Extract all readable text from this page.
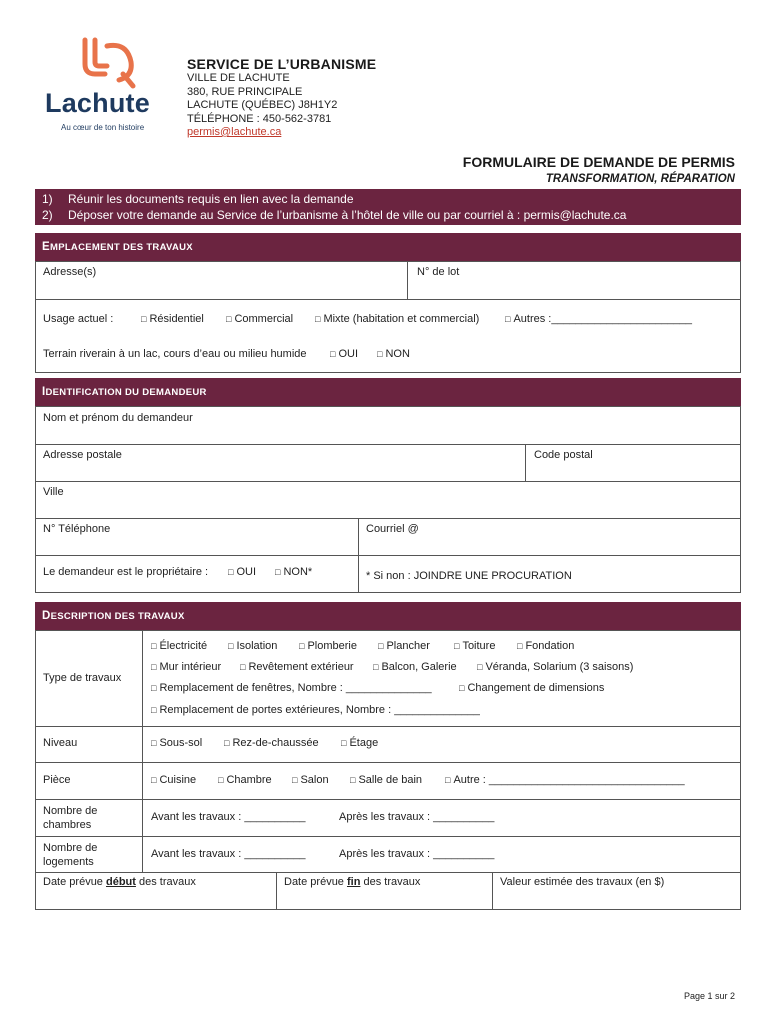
Lachute
Au cœur de ton histoire
SERVICE DE L’URBANISME
VILLE DE LACHUTE
380, RUE PRINCIPALE
LACHUTE (QUÉBEC) J8H1Y2
TÉLÉPHONE : 450-562-3781
permis@lachute.ca
FORMULAIRE DE DEMANDE DE PERMIS
TRANSFORMATION, RÉPARATION
1) Réunir les documents requis en lien avec la demande
2) Déposer votre demande au Service de l’urbanisme à l’hôtel de ville ou par courriel à : permis@lachute.ca
EMPLACEMENT DES TRAVAUX
Adresse(s)	N° de lot
Usage actuel :	□ Résidentiel □ Commercial □ Mixte (habitation et commercial)	□ Autres :_______________________
Terrain riverain à un lac, cours d’eau ou milieu humide	□ OUI □ NON
IDENTIFICATION DU DEMANDEUR
Nom et prénom du demandeur
Adresse postale	Code postal
Ville
N° Téléphone	Courriel @
Le demandeur est le propriétaire : □ OUI □ NON*	* Si non : JOINDRE UNE PROCURATION
DESCRIPTION DES TRAVAUX
Type de travaux
□ Électricité □ Isolation □ Plomberie □ Plancher	□ Toiture □ Fondation
□ Mur intérieur □ Revêtement extérieur □ Balcon, Galerie □ Véranda, Solarium (3 saisons)
□ Remplacement de fenêtres, Nombre : ______________	□ Changement de dimensions
□ Remplacement de portes extérieures, Nombre : ______________
Niveau	□ Sous-sol □ Rez-de-chaussée □ Étage
Pièce	□ Cuisine □ Chambre □ Salon □ Salle de bain	□ Autre : ________________________________
Nombre de
chambres
Avant les travaux : __________	Après les travaux : __________
Nombre de
logements
Avant les travaux : __________	Après les travaux : __________
Date prévue début des travaux	Date prévue fin des travaux	Valeur estimée des travaux (en $)
Page 1 sur 2
